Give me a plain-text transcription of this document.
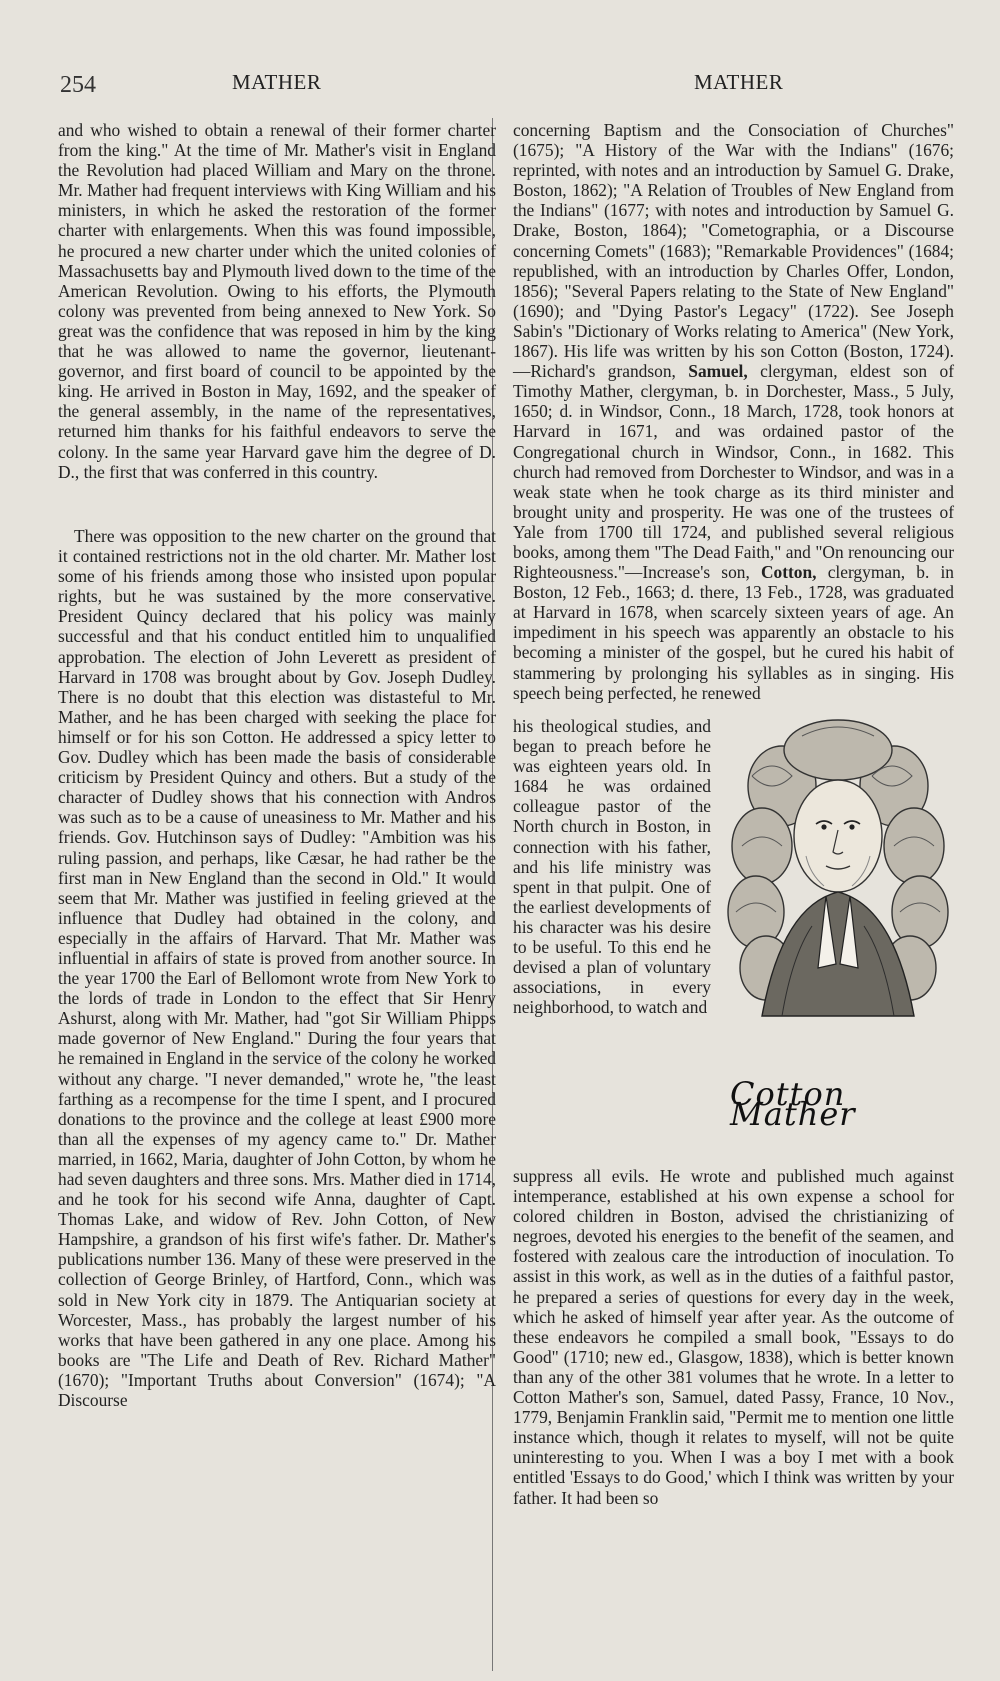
254	MATHER	MATHER

and who wished to obtain a renewal of their former charter from the king." At the time of Mr. Mather's visit in England the Revolution had placed William and Mary on the throne. Mr. Mather had frequent interviews with King William and his ministers, in which he asked the restoration of the former charter with enlargements. When this was found impossible, he procured a new charter under which the united colonies of Massachusetts bay and Plymouth lived down to the time of the American Revolution. Owing to his efforts, the Plymouth colony was prevented from being annexed to New York. So great was the confidence that was reposed in him by the king that he was allowed to name the governor, lieutenant-governor, and first board of council to be appointed by the king. He arrived in Boston in May, 1692, and the speaker of the general assembly, in the name of the representatives, returned him thanks for his faithful endeavors to serve the colony. In the same year Harvard gave him the degree of D. D., the first that was conferred in this country.

There was opposition to the new charter on the ground that it contained restrictions not in the old charter. Mr. Mather lost some of his friends among those who insisted upon popular rights, but he was sustained by the more conservative. President Quincy declared that his policy was mainly successful and that his conduct entitled him to unqualified approbation. The election of John Leverett as president of Harvard in 1708 was brought about by Gov. Joseph Dudley. There is no doubt that this election was distasteful to Mr. Mather, and he has been charged with seeking the place for himself or for his son Cotton. He addressed a spicy letter to Gov. Dudley which has been made the basis of considerable criticism by President Quincy and others. But a study of the character of Dudley shows that his connection with Andros was such as to be a cause of uneasiness to Mr. Mather and his friends. Gov. Hutchinson says of Dudley: "Ambition was his ruling passion, and perhaps, like Cæsar, he had rather be the first man in New England than the second in Old." It would seem that Mr. Mather was justified in feeling grieved at the influence that Dudley had obtained in the colony, and especially in the affairs of Harvard. That Mr. Mather was influential in affairs of state is proved from another source. In the year 1700 the Earl of Bellomont wrote from New York to the lords of trade in London to the effect that Sir Henry Ashurst, along with Mr. Mather, had "got Sir William Phipps made governor of New England." During the four years that he remained in England in the service of the colony he worked without any charge. "I never demanded," wrote he, "the least farthing as a recompense for the time I spent, and I procured donations to the province and the college at least £900 more than all the expenses of my agency came to." Dr. Mather married, in 1662, Maria, daughter of John Cotton, by whom he had seven daughters and three sons. Mrs. Mather died in 1714, and he took for his second wife Anna, daughter of Capt. Thomas Lake, and widow of Rev. John Cotton, of New Hampshire, a grandson of his first wife's father. Dr. Mather's publications number 136. Many of these were preserved in the collection of George Brinley, of Hartford, Conn., which was sold in New York city in 1879. The Antiquarian society at Worcester, Mass., has probably the largest number of his works that have been gathered in any one place. Among his books are "The Life and Death of Rev. Richard Mather" (1670); "Important Truths about Conversion" (1674); "A Discourse

concerning Baptism and the Consociation of Churches" (1675); "A History of the War with the Indians" (1676; reprinted, with notes and an introduction by Samuel G. Drake, Boston, 1862); "A Relation of Troubles of New England from the Indians" (1677; with notes and introduction by Samuel G. Drake, Boston, 1864); "Cometographia, or a Discourse concerning Comets" (1683); "Remarkable Providences" (1684; republished, with an introduction by Charles Offer, London, 1856); "Several Papers relating to the State of New England" (1690); and "Dying Pastor's Legacy" (1722). See Joseph Sabin's "Dictionary of Works relating to America" (New York, 1867). His life was written by his son Cotton (Boston, 1724). —Richard's grandson, Samuel, clergyman, eldest son of Timothy Mather, clergyman, b. in Dorchester, Mass., 5 July, 1650; d. in Windsor, Conn., 18 March, 1728, took honors at Harvard in 1671, and was ordained pastor of the Congregational church in Windsor, Conn., in 1682. This church had removed from Dorchester to Windsor, and was in a weak state when he took charge as its third minister and brought unity and prosperity. He was one of the trustees of Yale from 1700 till 1724, and published several religious books, among them "The Dead Faith," and "On renouncing our Righteousness."—Increase's son, Cotton, clergyman, b. in Boston, 12 Feb., 1663; d. there, 13 Feb., 1728, was graduated at Harvard in 1678, when scarcely sixteen years of age. An impediment in his speech was apparently an obstacle to his becoming a minister of the gospel, but he cured his habit of stammering by prolonging his syllables as in singing. His speech being perfected, he renewed

his theological studies, and began to preach before he was eighteen years old. In 1684 he was ordained colleague pastor of the North church in Boston, in connection with his father, and his life ministry was spent in that pulpit. One of the earliest developments of his character was his desire to be useful. To this end he devised a plan of voluntary associations, in every neighborhood, to watch and

Cotton Mather

suppress all evils. He wrote and published much against intemperance, established at his own expense a school for colored children in Boston, advised the christianizing of negroes, devoted his energies to the benefit of the seamen, and fostered with zealous care the introduction of inoculation. To assist in this work, as well as in the duties of a faithful pastor, he prepared a series of questions for every day in the week, which he asked of himself year after year. As the outcome of these endeavors he compiled a small book, "Essays to do Good" (1710; new ed., Glasgow, 1838), which is better known than any of the other 381 volumes that he wrote. In a letter to Cotton Mather's son, Samuel, dated Passy, France, 10 Nov., 1779, Benjamin Franklin said, "Permit me to mention one little instance which, though it relates to myself, will not be quite uninteresting to you. When I was a boy I met with a book entitled 'Essays to do Good,' which I think was written by your father. It had been so
